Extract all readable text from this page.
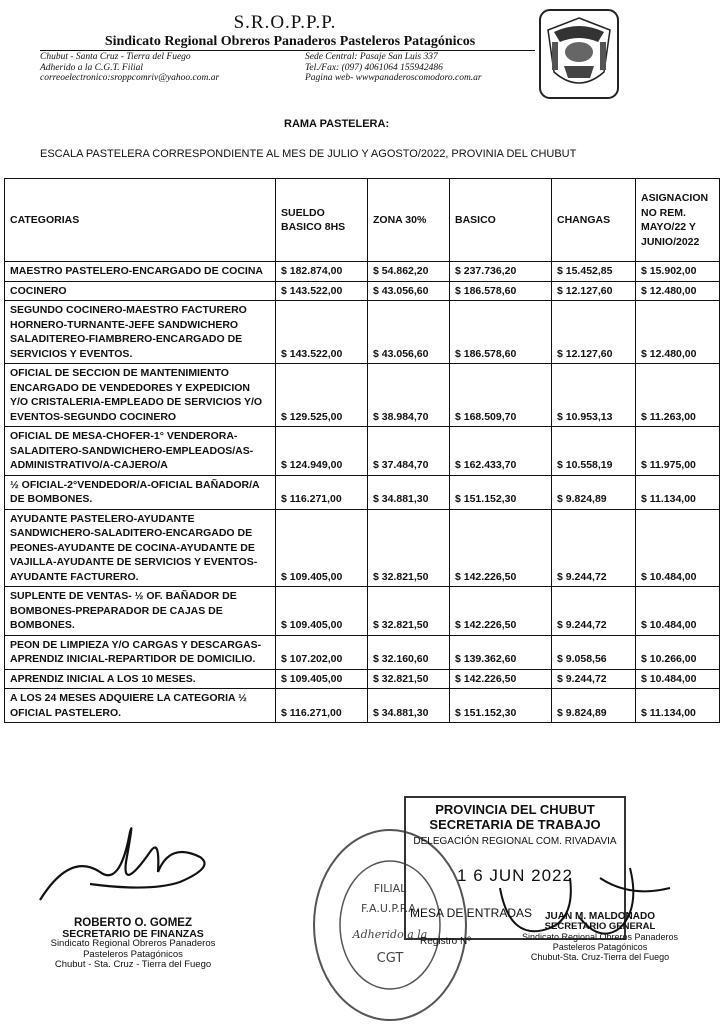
S.R.O.P.P.P.
Sindicato Regional Obreros Panaderos Pasteleros Patagónicos
Chubut - Santa Cruz - Tierra del Fuego
Adherido a la C.G.T. Filial
correoelectronico:sroppcomriv@yahoo.com.ar
Sede Central: Pasaje San Luis 337
Tel./Fax: (097) 4061064 155942486
Pagina web- wwwpanaderoscomodoro.com.ar
RAMA PASTELERA:
ESCALA PASTELERA CORRESPONDIENTE AL MES DE JULIO Y AGOSTO/2022, PROVINIA DEL CHUBUT
CATEGORIAS	SUELDO BASICO 8HS	ZONA 30%	BASICO	CHANGAS	ASIGNACION NO REM. MAYO/22 Y JUNIO/2022
MAESTRO PASTELERO-ENCARGADO DE COCINA	$ 182.874,00	$ 54.862,20	$ 237.736,20	$ 15.452,85	$ 15.902,00
COCINERO	$ 143.522,00	$ 43.056,60	$ 186.578,60	$ 12.127,60	$ 12.480,00
SEGUNDO COCINERO-MAESTRO FACTURERO HORNERO-TURNANTE-JEFE SANDWICHERO SALADITEREO-FIAMBRERO-ENCARGADO DE SERVICIOS Y EVENTOS.	$ 143.522,00	$ 43.056,60	$ 186.578,60	$ 12.127,60	$ 12.480,00
OFICIAL DE SECCION DE MANTENIMIENTO ENCARGADO DE VENDEDORES Y EXPEDICION Y/O CRISTALERIA-EMPLEADO DE SERVICIOS Y/O EVENTOS-SEGUNDO COCINERO	$ 129.525,00	$ 38.984,70	$ 168.509,70	$ 10.953,13	$ 11.263,00
OFICIAL DE MESA-CHOFER-1° VENDERORA-SALADITERO-SANDWICHERO-EMPLEADOS/AS-ADMINISTRATIVO/A-CAJERO/A	$ 124.949,00	$ 37.484,70	$ 162.433,70	$ 10.558,19	$ 11.975,00
½ OFICIAL-2°VENDEDOR/A-OFICIAL BAÑADOR/A DE BOMBONES.	$ 116.271,00	$ 34.881,30	$ 151.152,30	$ 9.824,89	$ 11.134,00
AYUDANTE PASTELERO-AYUDANTE SANDWICHERO-SALADITERO-ENCARGADO DE PEONES-AYUDANTE DE COCINA-AYUDANTE DE VAJILLA-AYUDANTE DE SERVICIOS Y EVENTOS-AYUDANTE FACTURERO.	$ 109.405,00	$ 32.821,50	$ 142.226,50	$ 9.244,72	$ 10.484,00
SUPLENTE DE VENTAS- ½ OF. BAÑADOR DE BOMBONES-PREPARADOR DE CAJAS DE BOMBONES.	$ 109.405,00	$ 32.821,50	$ 142.226,50	$ 9.244,72	$ 10.484,00
PEON DE LIMPIEZA Y/O CARGAS Y DESCARGAS-APRENDIZ INICIAL-REPARTIDOR DE DOMICILIO.	$ 107.202,00	$ 32.160,60	$ 139.362,60	$ 9.058,56	$ 10.266,00
APRENDIZ INICIAL A LOS 10 MESES.	$ 109.405,00	$ 32.821,50	$ 142.226,50	$ 9.244,72	$ 10.484,00
A LOS 24 MESES ADQUIERE LA CATEGORIA ½ OFICIAL PASTELERO.	$ 116.271,00	$ 34.881,30	$ 151.152,30	$ 9.824,89	$ 11.134,00
ROBERTO O. GOMEZ
SECRETARIO DE FINANZAS
Sindicato Regional Obreros Panaderos
Pasteleros Patagónicos
Chubut - Sta. Cruz - Tierra del Fuego
FILIAL
F.A.U.P.P.A.
Adherido a la
CGT
PROVINCIA DEL CHUBUT
SECRETARIA DE TRABAJO
DELEGACIÓN REGIONAL COM. RIVADAVIA
1 6 JUN 2022
MESA DE ENTRADAS
Registro Nº
JUAN M. MALDONADO
SECRETARIO GENERAL
Sindicato Regional Obreros Panaderos
Pasteleros Patagónicos
Chubut-Sta. Cruz-Tierra del Fuego
